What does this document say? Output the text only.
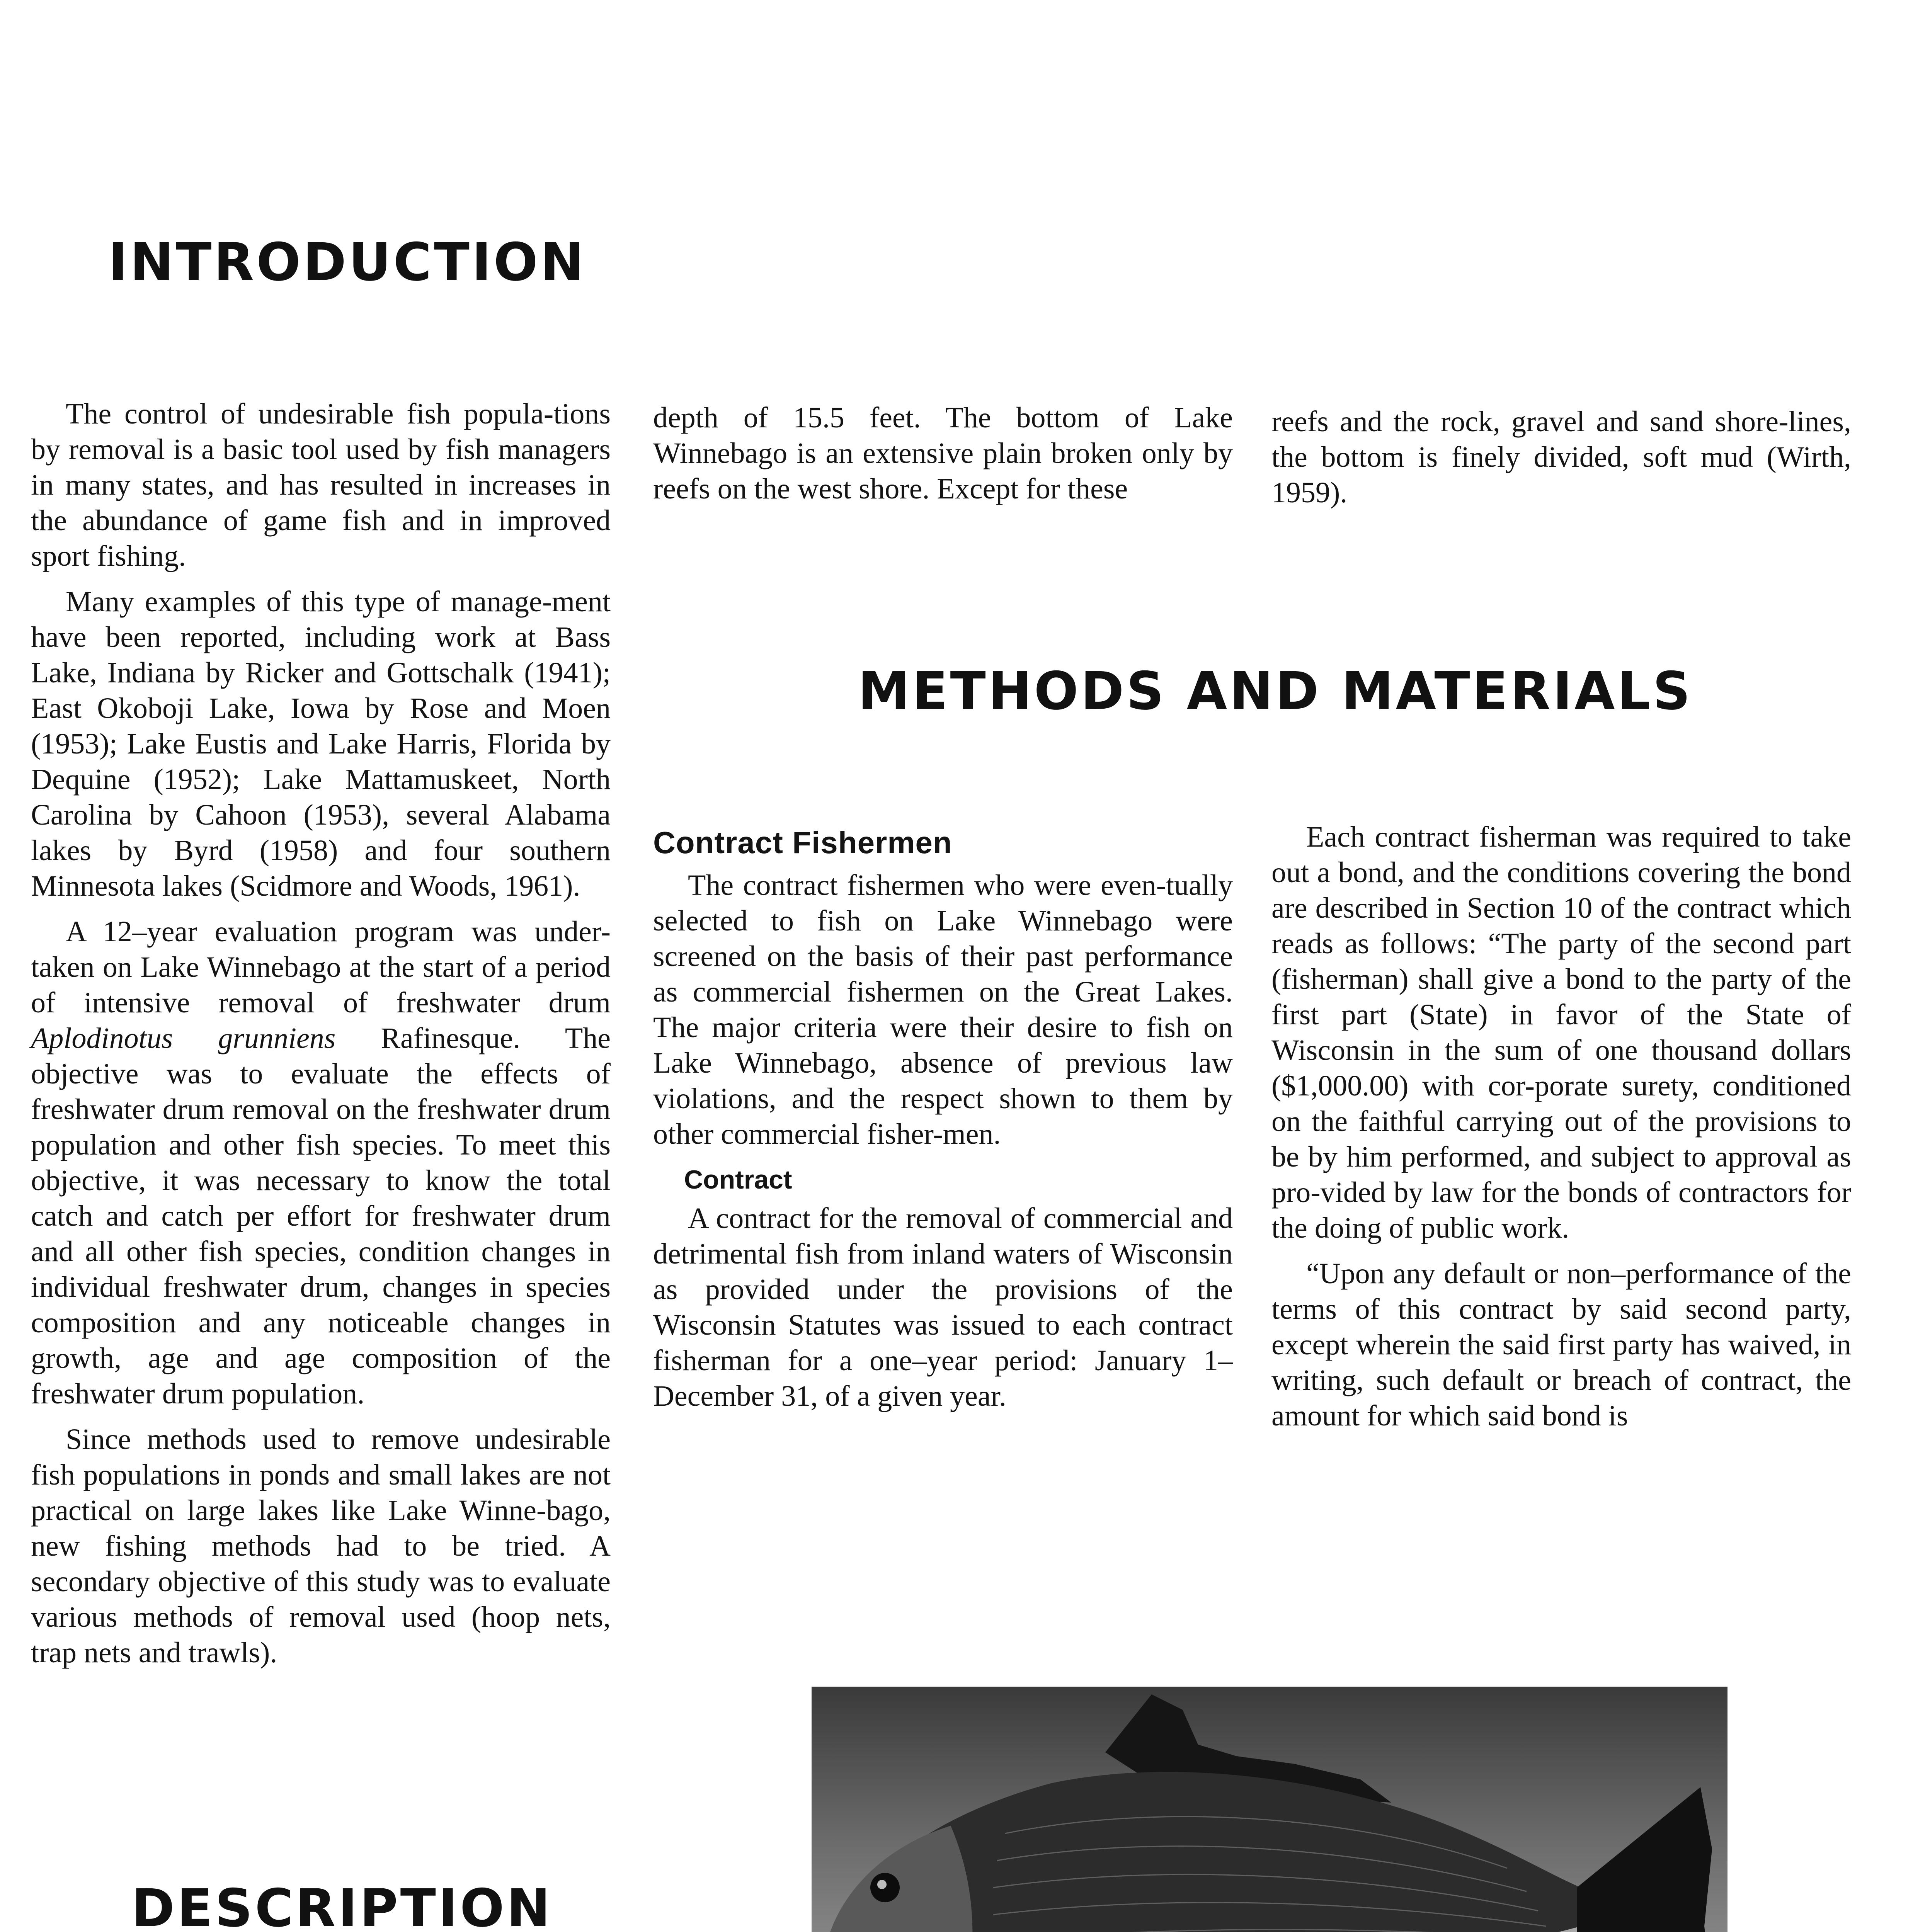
INTRODUCTION
METHODS AND MATERIALS
DESCRIPTION

The control of undesirable fish popula-tions by removal is a basic tool used by fish managers in many states, and has resulted in increases in the abundance of game fish and in improved sport fishing.

Many examples of this type of manage-ment have been reported, including work at Bass Lake, Indiana by Ricker and Gottschalk (1941); East Okoboji Lake, Iowa by Rose and Moen (1953); Lake Eustis and Lake Harris, Florida by Dequine (1952); Lake Mattamuskeet, North Carolina by Cahoon (1953), several Alabama lakes by Byrd (1958) and four southern Minnesota lakes (Scidmore and Woods, 1961).

A 12–year evaluation program was under-taken on Lake Winnebago at the start of a period of intensive removal of freshwater drum Aplodinotus grunniens Rafinesque. The objective was to evaluate the effects of freshwater drum removal on the freshwater drum population and other fish species. To meet this objective, it was necessary to know the total catch and catch per effort for freshwater drum and all other fish species, condition changes in individual freshwater drum, changes in species composition and any noticeable changes in growth, age and age composition of the freshwater drum population.

Since methods used to remove undesirable fish populations in ponds and small lakes are not practical on large lakes like Lake Winne-bago, new fishing methods had to be tried. A secondary objective of this study was to evaluate various methods of removal used (hoop nets, trap nets and trawls).

depth of 15.5 feet. The bottom of Lake Winnebago is an extensive plain broken only by reefs on the west shore. Except for these

reefs and the rock, gravel and sand shore-lines, the bottom is finely divided, soft mud (Wirth, 1959).

Contract Fishermen

The contract fishermen who were even-tually selected to fish on Lake Winnebago were screened on the basis of their past performance as commercial fishermen on the Great Lakes. The major criteria were their desire to fish on Lake Winnebago, absence of previous law violations, and the respect shown to them by other commercial fisher-men.

Contract

A contract for the removal of commercial and detrimental fish from inland waters of Wisconsin as provided under the provisions of the Wisconsin Statutes was issued to each contract fisherman for a one–year period: January 1–December 31, of a given year.

Each contract fisherman was required to take out a bond, and the conditions covering the bond are described in Section 10 of the contract which reads as follows: “The party of the second part (fisherman) shall give a bond to the party of the first part (State) in favor of the State of Wisconsin in the sum of one thousand dollars ($1,000.00) with cor-porate surety, conditioned on the faithful carrying out of the provisions to be by him performed, and subject to approval as pro-vided by law for the bonds of contractors for the doing of public work.

“Upon any default or non–performance of the terms of this contract by said second party, except wherein the said first party has waived, in writing, such default or breach of contract, the amount for which said bond is
